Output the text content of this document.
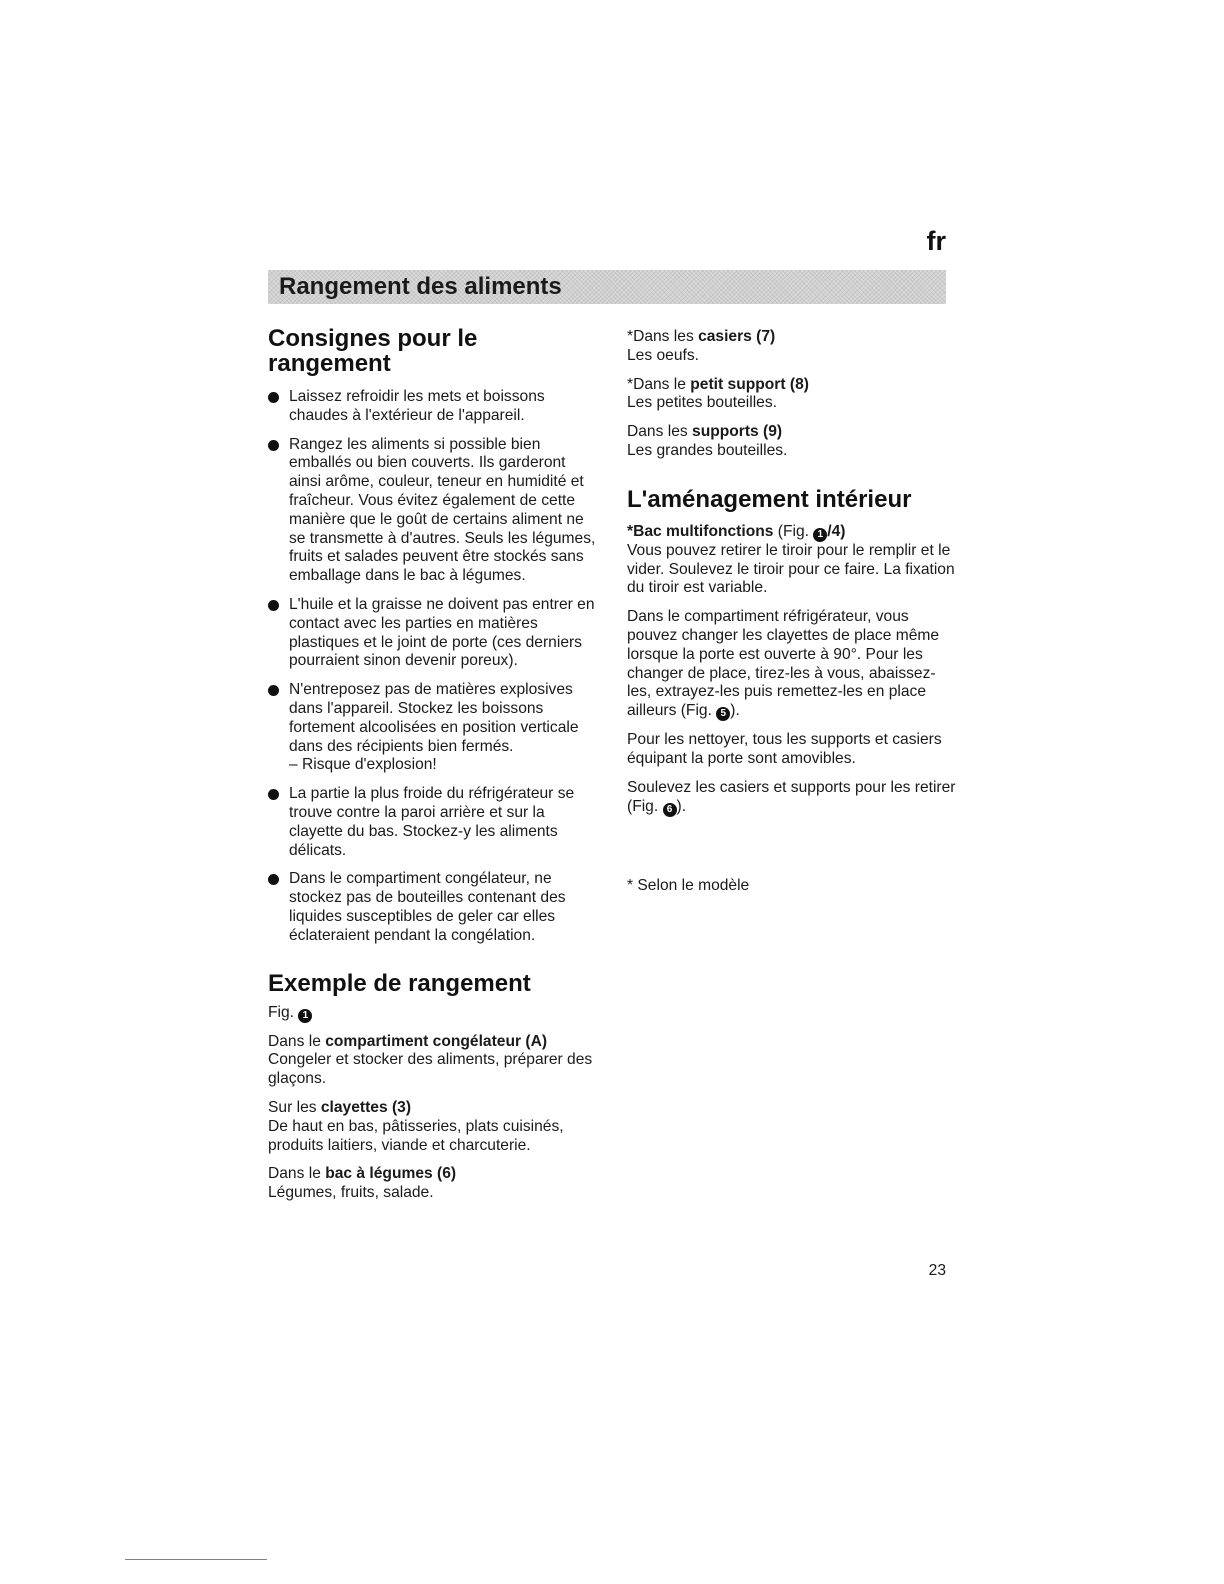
fr
Rangement des aliments
Consignes pour le rangement
Laissez refroidir les mets et boissons chaudes à l'extérieur de l'appareil.
Rangez les aliments si possible bien emballés ou bien couverts. Ils garderont ainsi arôme, couleur, teneur en humidité et fraîcheur. Vous évitez également de cette manière que le goût de certains aliment ne se transmette à d'autres. Seuls les légumes, fruits et salades peuvent être stockés sans emballage dans le bac à légumes.
L'huile et la graisse ne doivent pas entrer en contact avec les parties en matières plastiques et le joint de porte (ces derniers pourraient sinon devenir poreux).
N'entreposez pas de matières explosives dans l'appareil. Stockez les boissons fortement alcoolisées en position verticale dans des récipients bien fermés.
– Risque d'explosion!
La partie la plus froide du réfrigérateur se trouve contre la paroi arrière et sur la clayette du bas. Stockez-y les aliments délicats.
Dans le compartiment congélateur, ne stockez pas de bouteilles contenant des liquides susceptibles de geler car elles éclateraient pendant la congélation.
Exemple de rangement

Fig. 1

Dans le compartiment congélateur (A)
Congeler et stocker des aliments, préparer des glaçons.

Sur les clayettes (3)
De haut en bas, pâtisseries, plats cuisinés, produits laitiers, viande et charcuterie.

Dans le bac à légumes (6)
Légumes, fruits, salade.

*Dans les casiers (7)
Les oeufs.

*Dans le petit support (8)
Les petites bouteilles.

Dans les supports (9)
Les grandes bouteilles.

L'aménagement intérieur

*Bac multifonctions (Fig. 1 /4)
Vous pouvez retirer le tiroir pour le remplir et le vider. Soulevez le tiroir pour ce faire. La fixation du tiroir est variable.

Dans le compartiment réfrigérateur, vous pouvez changer les clayettes de place même lorsque la porte est ouverte à 90°. Pour les changer de place, tirez-les à vous, abaissez-les, extrayez-les puis remettez-les en place ailleurs (Fig. 5 ).

Pour les nettoyer, tous les supports et casiers équipant la porte sont amovibles.

Soulevez les casiers et supports pour les retirer (Fig. 6 ).

* Selon le modèle

23
